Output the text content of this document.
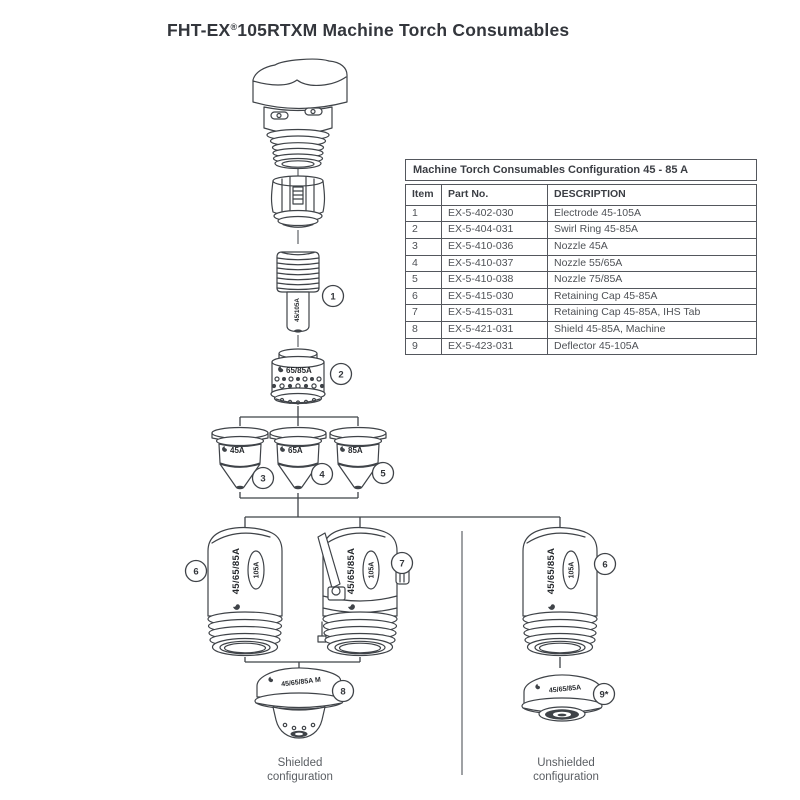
FHT-EX®105RTXM Machine Torch Consumables
45/105A
1
65/85A	2
45A
3
65A
4
85A
5
45/65/85A 105A
6	45/65/85A 105A	7	45/65/85A 105A	6
45/65/85A M
8	45/65/85A
9*
Machine Torch Consumables Configuration 45 - 85 A
Item	Part No.	DESCRIPTION
1	EX-5-402-030	Electrode 45-105A
2	EX-5-404-031	Swirl Ring 45-85A
3	EX-5-410-036	Nozzle 45A
4	EX-5-410-037	Nozzle 55/65A
5	EX-5-410-038	Nozzle 75/85A
6	EX-5-415-030	Retaining Cap 45-85A
7	EX-5-415-031	Retaining Cap 45-85A, IHS Tab
8	EX-5-421-031	Shield 45-85A, Machine
9	EX-5-423-031	Deflector 45-105A
Shielded
configuration
Unshielded
configuration
